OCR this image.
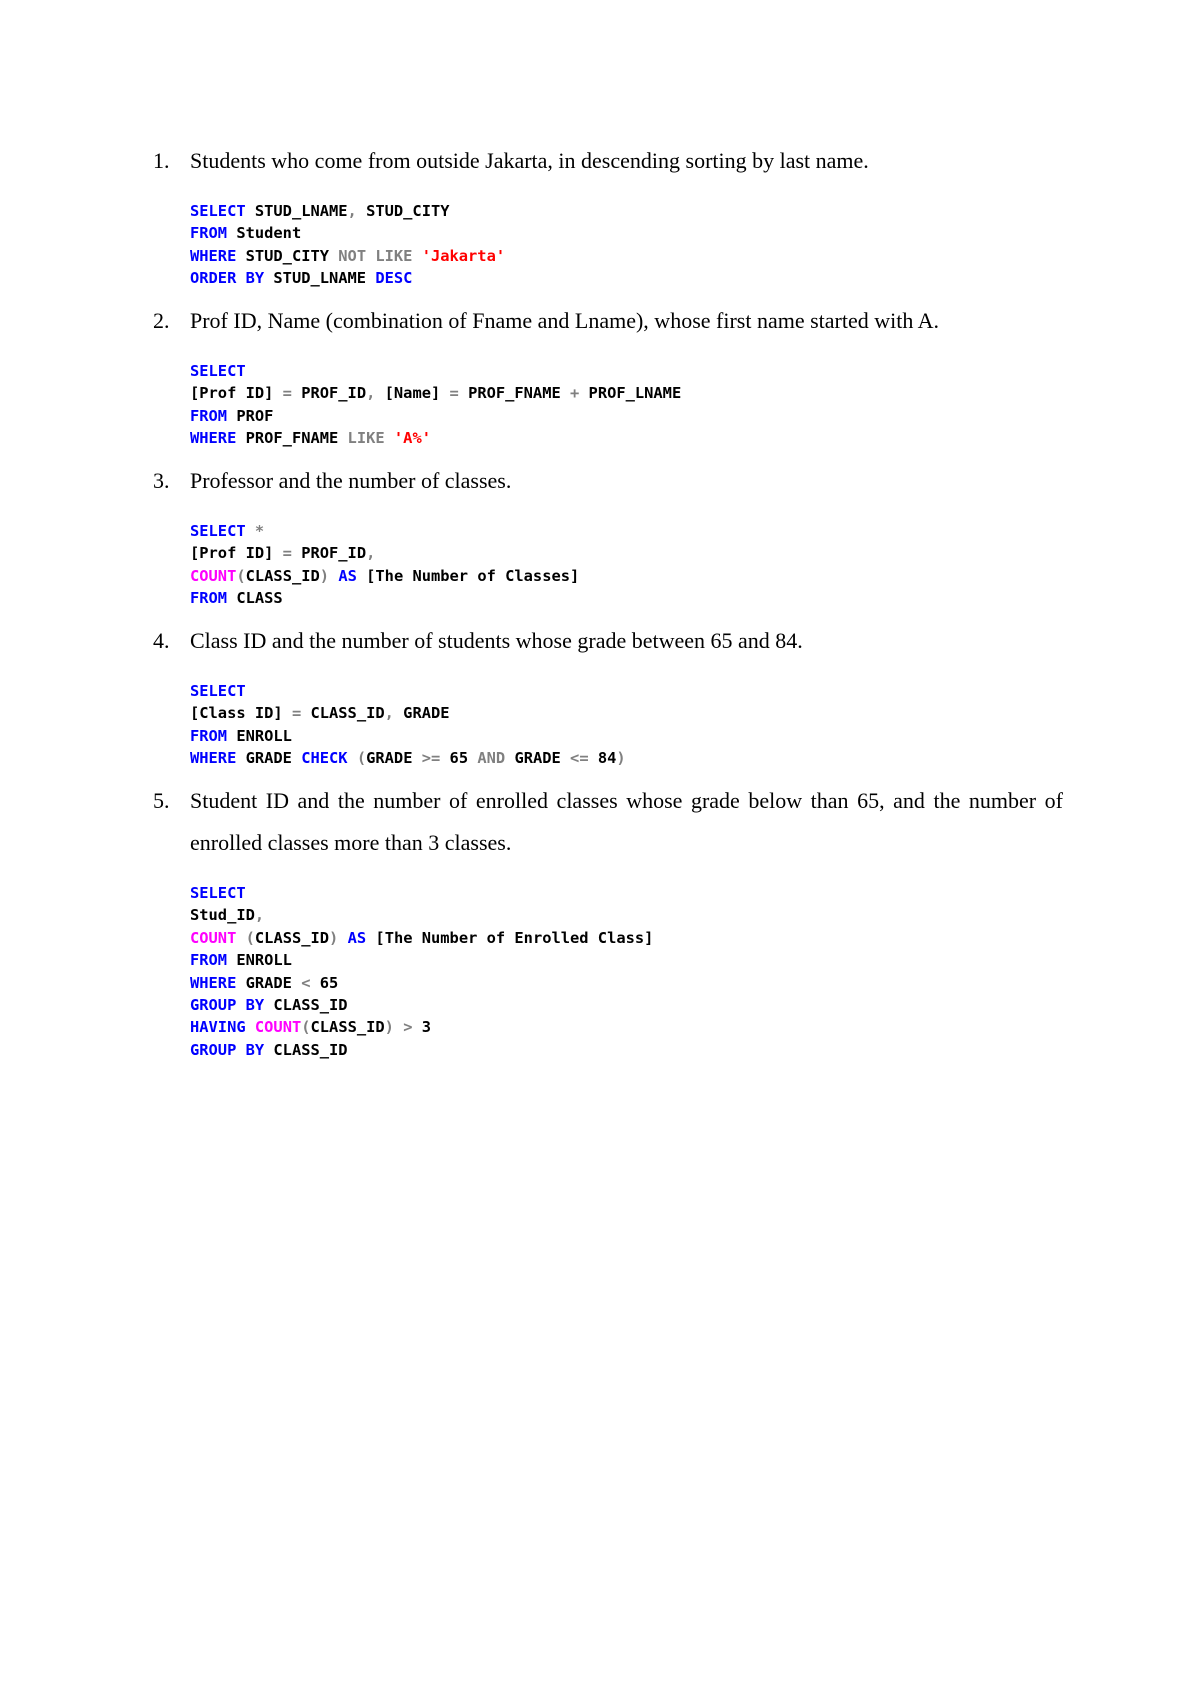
1. Students who come from outside Jakarta, in descending sorting by last name.
SELECT STUD_LNAME, STUD_CITY
FROM Student
WHERE STUD_CITY NOT LIKE 'Jakarta'
ORDER BY STUD_LNAME DESC
2. Prof ID, Name (combination of Fname and Lname), whose first name started with A.
SELECT
[Prof ID] = PROF_ID, [Name] = PROF_FNAME + PROF_LNAME
FROM PROF
WHERE PROF_FNAME LIKE 'A%'
3. Professor and the number of classes.
SELECT *
[Prof ID] = PROF_ID,
COUNT(CLASS_ID) AS [The Number of Classes]
FROM CLASS
4. Class ID and the number of students whose grade between 65 and 84.
SELECT
[Class ID] = CLASS_ID, GRADE
FROM ENROLL
WHERE GRADE CHECK (GRADE >= 65 AND GRADE <= 84)
5. Student ID and the number of enrolled classes whose grade below than 65, and the number of enrolled classes more than 3 classes.
SELECT
Stud_ID,
COUNT (CLASS_ID) AS [The Number of Enrolled Class]
FROM ENROLL
WHERE GRADE < 65
GROUP BY CLASS_ID
HAVING COUNT(CLASS_ID) > 3
GROUP BY CLASS_ID
